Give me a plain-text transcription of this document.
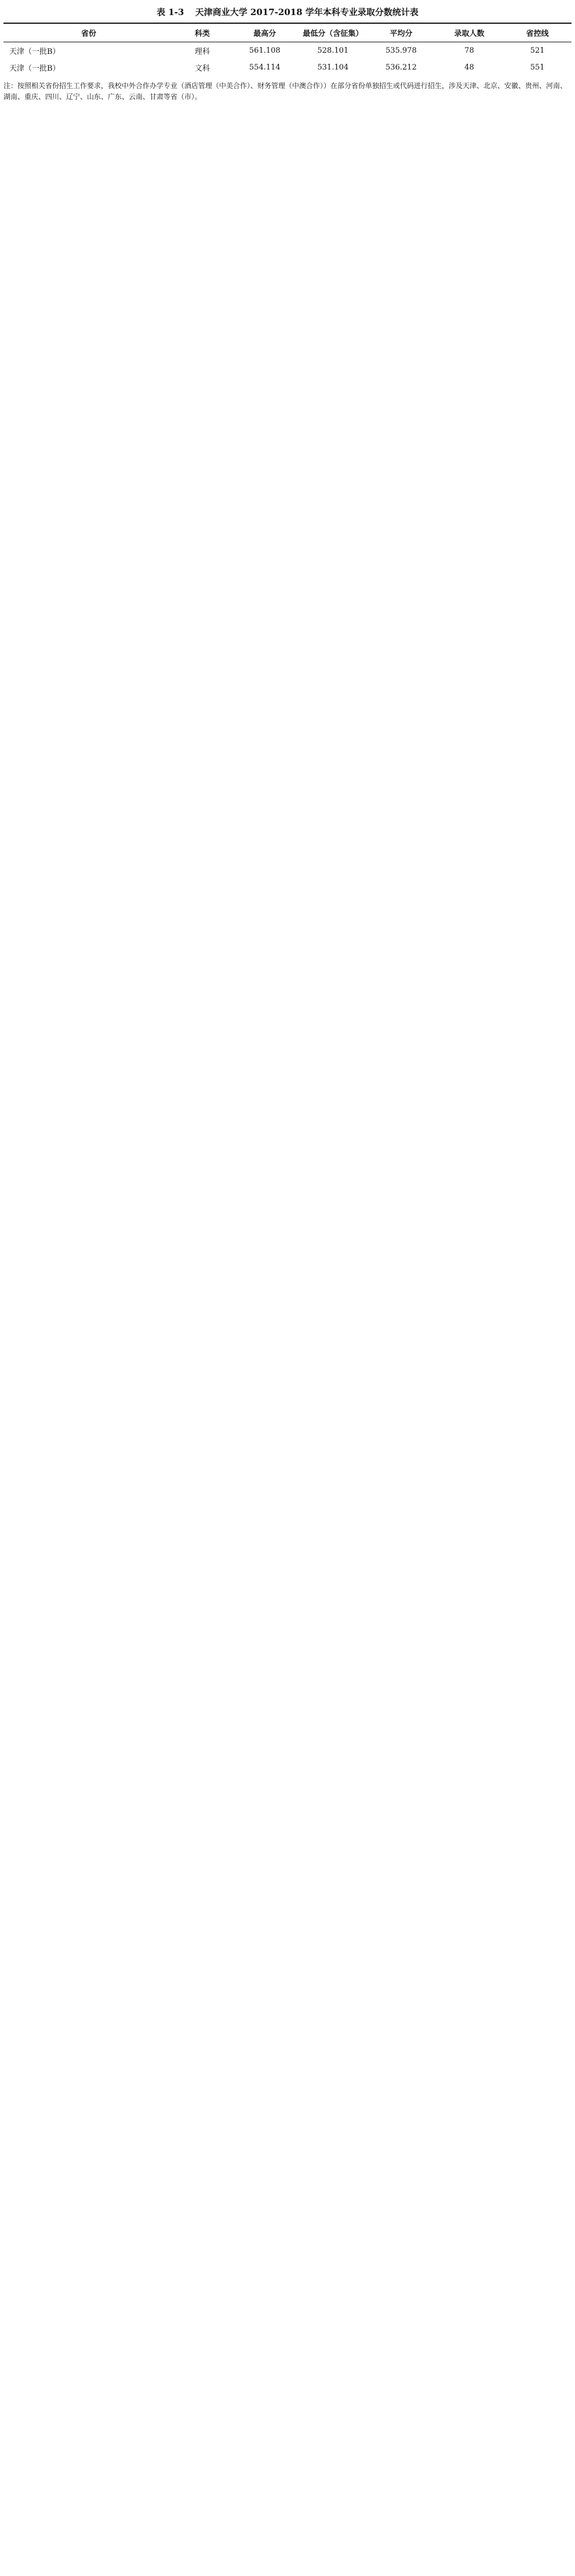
表 1-3 天津商业大学 2017-2018 学年本科专业录取分数统计表
省份	科类	最高分	最低分（含征集）	平均分	录取人数	省控线
天津（一批B）	理科	561.108	528.101	535.978	78	521
天津（一批B）	文科	554.114	531.104	536.212	48	551
注：按照相关省份招生工作要求，我校中外合作办学专业（酒店管理（中美合作）、财务管理（中澳合作））在部分省份单独招生或代码进行招生，涉及天津、北京、安徽、贵州、河南、湖南、重庆、四川、辽宁、山东、广东、云南、甘肃等省（市）。
